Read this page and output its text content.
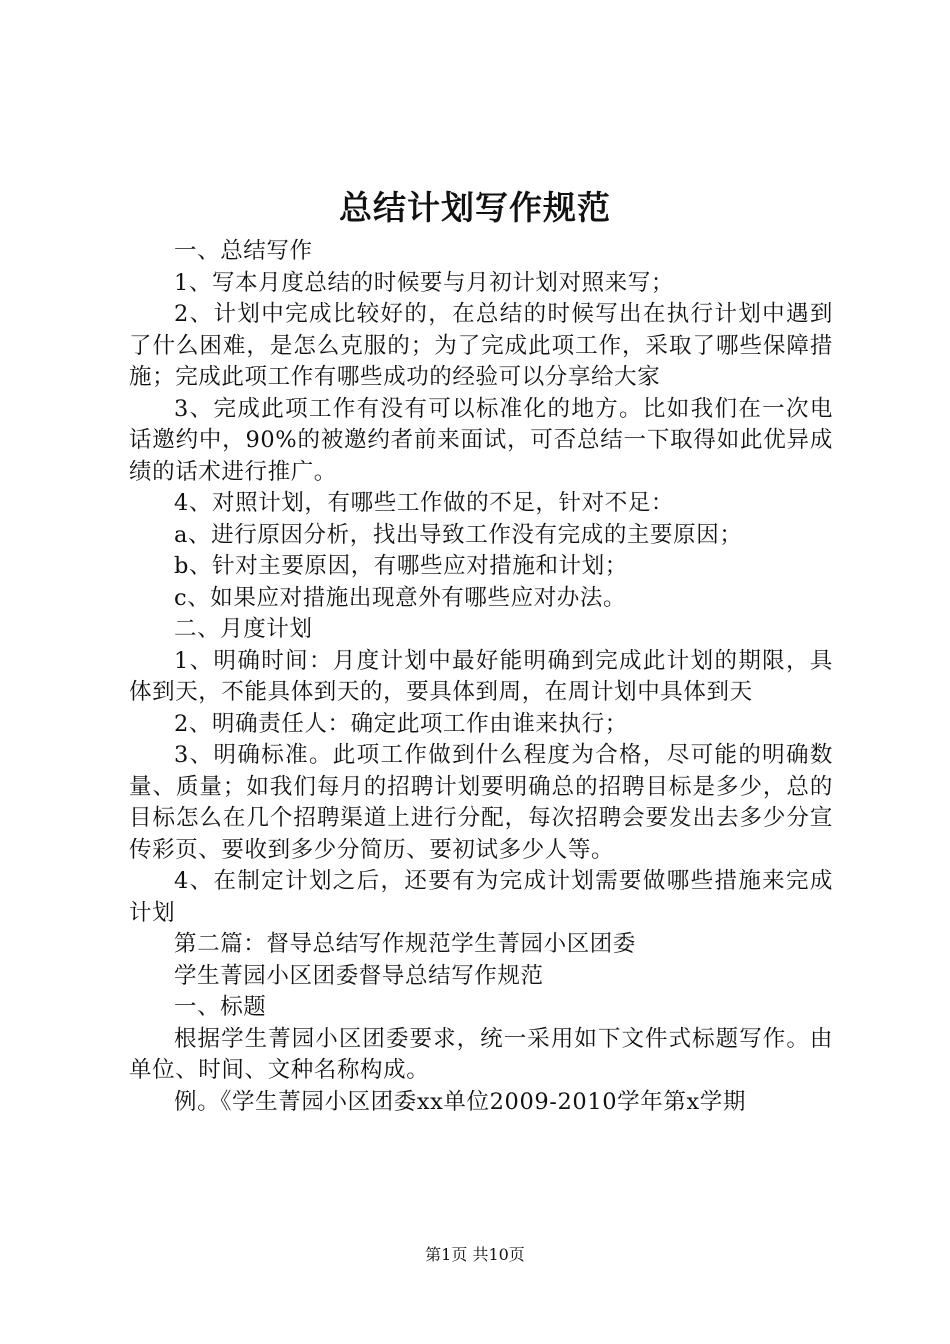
总结计划写作规范

一、总结写作

1、写本月度总结的时候要与月初计划对照来写；

2、计划中完成比较好的，在总结的时候写出在执行计划中遇到了什么困难，是怎么克服的；为了完成此项工作，采取了哪些保障措施；完成此项工作有哪些成功的经验可以分享给大家

3、完成此项工作有没有可以标准化的地方。比如我们在一次电话邀约中，90%的被邀约者前来面试，可否总结一下取得如此优异成绩的话术进行推广。

4、对照计划，有哪些工作做的不足，针对不足：

a、进行原因分析，找出导致工作没有完成的主要原因；

b、针对主要原因，有哪些应对措施和计划；

c、如果应对措施出现意外有哪些应对办法。

二、月度计划

1、明确时间：月度计划中最好能明确到完成此计划的期限，具体到天，不能具体到天的，要具体到周，在周计划中具体到天

2、明确责任人：确定此项工作由谁来执行；

3、明确标准。此项工作做到什么程度为合格，尽可能的明确数量、质量；如我们每月的招聘计划要明确总的招聘目标是多少，总的目标怎么在几个招聘渠道上进行分配，每次招聘会要发出去多少分宣传彩页、要收到多少分简历、要初试多少人等。

4、在制定计划之后，还要有为完成计划需要做哪些措施来完成计划

第二篇：督导总结写作规范学生菁园小区团委

学生菁园小区团委督导总结写作规范

一、标题

根据学生菁园小区团委要求，统一采用如下文件式标题写作。由单位、时间、文种名称构成。

例。《学生菁园小区团委xx单位2009-2010学年第x学期

第1页 共10页
